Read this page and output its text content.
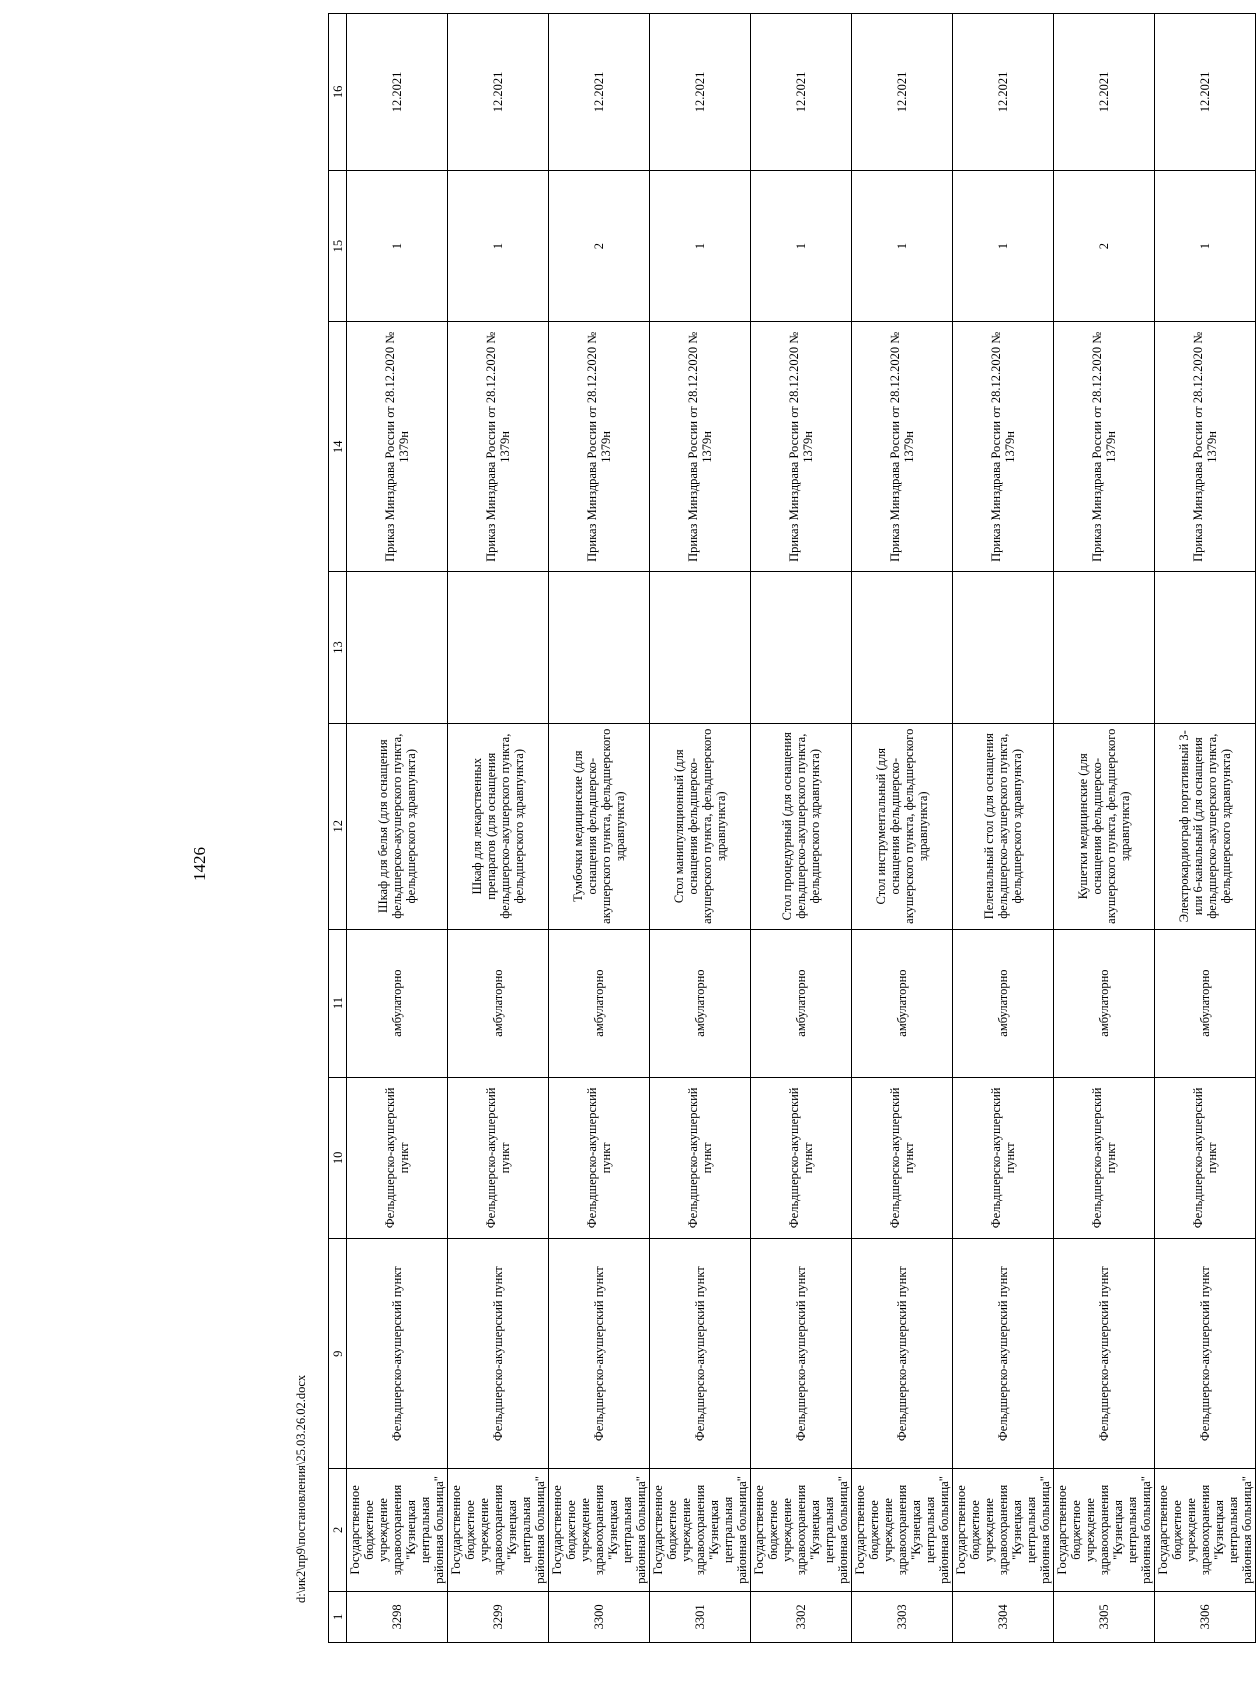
1426
1	2	9	10	11	12	13	14	15	16
3298	Государственное бюджетное учреждение здравоохранения "Кузнецкая центральная районная больница"	Фельдшерско-акушерский пункт	Фельдшерско-акушерский пункт	амбулаторно	Шкаф для белья (для оснащения фельдшерско-акушерского пункта, фельдшерского здравпункта)		Приказ Минздрава России от 28.12.2020 № 1379н	1	12.2021
3299	Государственное бюджетное учреждение здравоохранения "Кузнецкая центральная районная больница"	Фельдшерско-акушерский пункт	Фельдшерско-акушерский пункт	амбулаторно	Шкаф для лекарственных препаратов (для оснащения фельдшерско-акушерского пункта, фельдшерского здравпункта)		Приказ Минздрава России от 28.12.2020 № 1379н	1	12.2021
3300	Государственное бюджетное учреждение здравоохранения "Кузнецкая центральная районная больница"	Фельдшерско-акушерский пункт	Фельдшерско-акушерский пункт	амбулаторно	Тумбочки медицинские (для оснащения фельдшерско-акушерского пункта, фельдшерского здравпункта)		Приказ Минздрава России от 28.12.2020 № 1379н	2	12.2021
3301	Государственное бюджетное учреждение здравоохранения "Кузнецкая центральная районная больница"	Фельдшерско-акушерский пункт	Фельдшерско-акушерский пункт	амбулаторно	Стол манипуляционный (для оснащения фельдшерско-акушерского пункта, фельдшерского здравпункта)		Приказ Минздрава России от 28.12.2020 № 1379н	1	12.2021
3302	Государственное бюджетное учреждение здравоохранения "Кузнецкая центральная районная больница"	Фельдшерско-акушерский пункт	Фельдшерско-акушерский пункт	амбулаторно	Стол процедурный (для оснащения фельдшерско-акушерского пункта, фельдшерского здравпункта)		Приказ Минздрава России от 28.12.2020 № 1379н	1	12.2021
3303	Государственное бюджетное учреждение здравоохранения "Кузнецкая центральная районная больница"	Фельдшерско-акушерский пункт	Фельдшерско-акушерский пункт	амбулаторно	Стол инструментальный (для оснащения фельдшерско-акушерского пункта, фельдшерского здравпункта)		Приказ Минздрава России от 28.12.2020 № 1379н	1	12.2021
3304	Государственное бюджетное учреждение здравоохранения "Кузнецкая центральная районная больница"	Фельдшерско-акушерский пункт	Фельдшерско-акушерский пункт	амбулаторно	Пеленальный стол (для оснащения фельдшерско-акушерского пункта, фельдшерского здравпункта)		Приказ Минздрава России от 28.12.2020 № 1379н	1	12.2021
3305	Государственное бюджетное учреждение здравоохранения "Кузнецкая центральная районная больница"	Фельдшерско-акушерский пункт	Фельдшерско-акушерский пункт	амбулаторно	Кушетки медицинские (для оснащения фельдшерско-акушерского пункта, фельдшерского здравпункта)		Приказ Минздрава России от 28.12.2020 № 1379н	2	12.2021
3306	Государственное бюджетное учреждение здравоохранения "Кузнецкая центральная районная больница"	Фельдшерско-акушерский пункт	Фельдшерско-акушерский пункт	амбулаторно	Электрокардиограф портативный 3- или 6-канальный (для оснащения фельдшерско-акушерского пункта, фельдшерского здравпункта)		Приказ Минздрава России от 28.12.2020 № 1379н	1	12.2021
d:\ик2\пр9\постановления\25.03.26.02.docx
